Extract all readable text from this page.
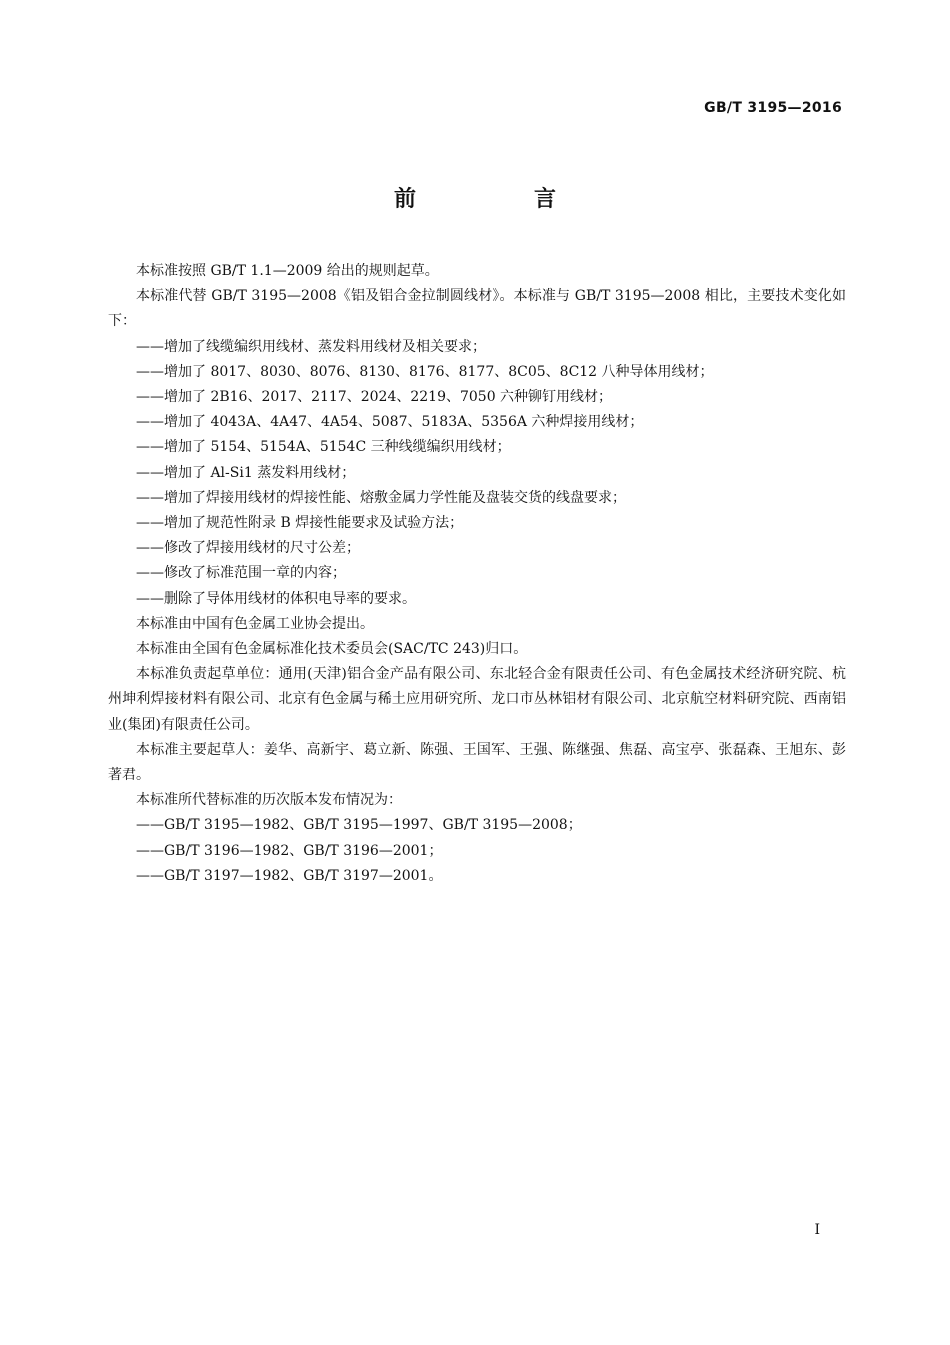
GB/T 3195—2016
前　言

本标准按照 GB/T 1.1—2009 给出的规则起草。

本标准代替 GB/T 3195—2008《铝及铝合金拉制圆线材》。本标准与 GB/T 3195—2008 相比，主要技术变化如下：

——增加了线缆编织用线材、蒸发料用线材及相关要求；

——增加了 8017、8030、8076、8130、8176、8177、8C05、8C12 八种导体用线材；

——增加了 2B16、2017、2117、2024、2219、7050 六种铆钉用线材；

——增加了 4043A、4A47、4A54、5087、5183A、5356A 六种焊接用线材；

——增加了 5154、5154A、5154C 三种线缆编织用线材；

——增加了 Al-Si1 蒸发料用线材；

——增加了焊接用线材的焊接性能、熔敷金属力学性能及盘装交货的线盘要求；

——增加了规范性附录 B 焊接性能要求及试验方法；

——修改了焊接用线材的尺寸公差；

——修改了标准范围一章的内容；

——删除了导体用线材的体积电导率的要求。

本标准由中国有色金属工业协会提出。

本标准由全国有色金属标准化技术委员会(SAC/TC 243)归口。

本标准负责起草单位：通用(天津)铝合金产品有限公司、东北轻合金有限责任公司、有色金属技术经济研究院、杭州坤利焊接材料有限公司、北京有色金属与稀土应用研究所、龙口市丛林铝材有限公司、北京航空材料研究院、西南铝业(集团)有限责任公司。

本标准主要起草人：姜华、高新宇、葛立新、陈强、王国军、王强、陈继强、焦磊、高宝亭、张磊森、王旭东、彭著君。

本标准所代替标准的历次版本发布情况为：

——GB/T 3195—1982、GB/T 3195—1997、GB/T 3195—2008；

——GB/T 3196—1982、GB/T 3196—2001；

——GB/T 3197—1982、GB/T 3197—2001。

I
